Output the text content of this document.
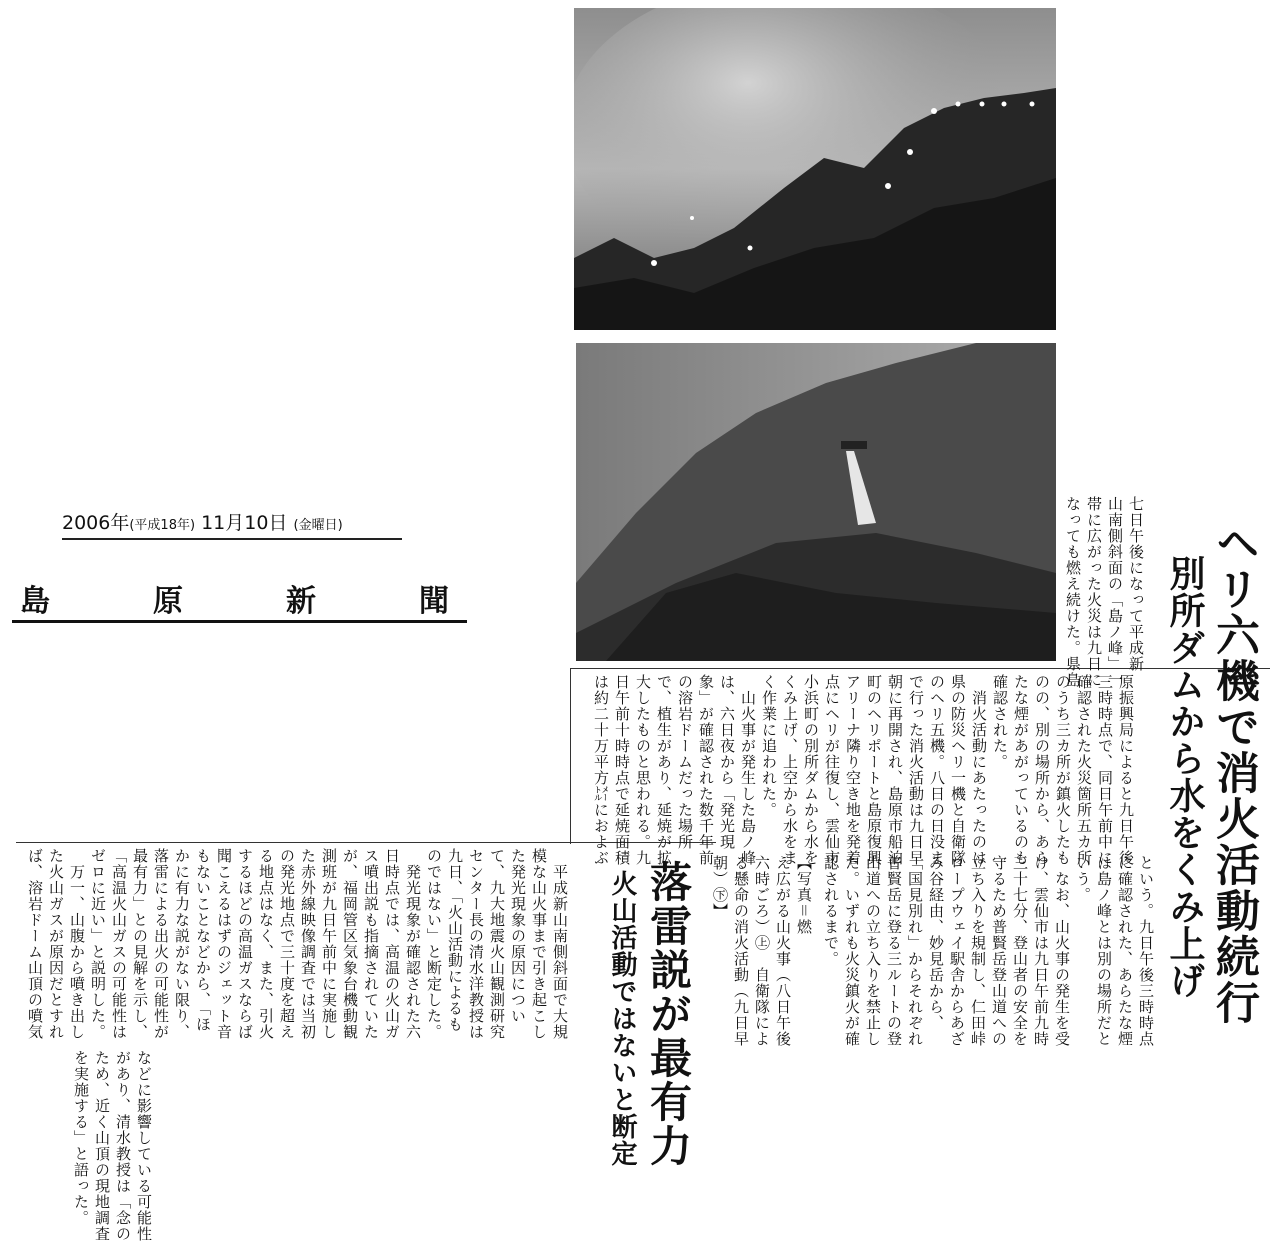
2006年(平成18年) 11月10日 (金曜日)
島	原	新	聞	ヘリ六機で消火活動続行
別所ダムから水をくみ上げ
七日午後になって平成新
山南側斜面の「島ノ峰」一
帯に広がった火災は九日に
なっても燃え続けた。県島
原振興局によると九日午後
三時時点で、同日午前中に
確認された火災箇所五カ所
のうち三カ所が鎮火したも
のの、別の場所から、あら
たな煙があがっているのも
確認された。
　消火活動にあたったのは
県の防災ヘリ一機と自衛隊
のヘリ五機。八日の日没ま
で行った消火活動は九日早
朝に再開され、島原市船泊
町のヘリポートと島原復興
アリーナ隣り空き地を発着
点にヘリが往復し、雲仙市
小浜町の別所ダムから水を
くみ上げ、上空から水をま
く作業に追われた。
　山火事が発生した島ノ峰
は、六日夜から「発光現
象」が確認された数千年前
の溶岩ドームだった場所
で、植生があり、延焼が拡
大したものと思われる。九
日午前十時時点で延焼面積
は約二十万平方㍍におよぶ
【写真＝燃
え広がる山火事（八日午後
六時ごろ）㊤　自衛隊によ
る懸命の消火活動（九日早
朝）㊦】	という。九日午後三時時点
に確認された、あらたな煙
は島ノ峰とは別の場所だと
いう。
　なお、山火事の発生を受
け、雲仙市は九日午前九時
三十七分、登山者の安全を
守るため普賢岳登山道への
立ち入りを規制し、仁田峠
ロープウェイ駅舎からあざ
み谷経由、妙見岳から、
「国見別れ」からそれぞれ
普賢岳に登る三ルートの登
山道への立ち入りを禁止し
た。いずれも火災鎮火が確
認されるまで。
落雷説が最有力
火山活動ではないと断定
　平成新山南側斜面で大規
模な山火事まで引き起こし
た発光現象の原因につい
て、九大地震火山観測研究
センター長の清水洋教授は
九日、「火山活動によるも
のではない」と断定した。
　発光現象が確認された六
日時点では、高温の火山ガ
ス噴出説も指摘されていた
が、福岡管区気象台機動観
測班が九日午前中に実施し
た赤外線映像調査では当初
の発光地点で三十度を超え
る地点はなく、また、引火
するほどの高温ガスならば
聞こえるはずのジェット音
もないことなどから、「ほ
かに有力な説がない限り、
落雷による出火の可能性が
最有力」との見解を示し、
「高温火山ガスの可能性は
ゼロに近い」と説明した。
　万一、山腹から噴き出し
た火山ガスが原因だとすれ
ば、溶岩ドーム山頂の噴気
などに影響している可能性
があり、清水教授は「念の
ため、近く山頂の現地調査
を実施する」と語った。
